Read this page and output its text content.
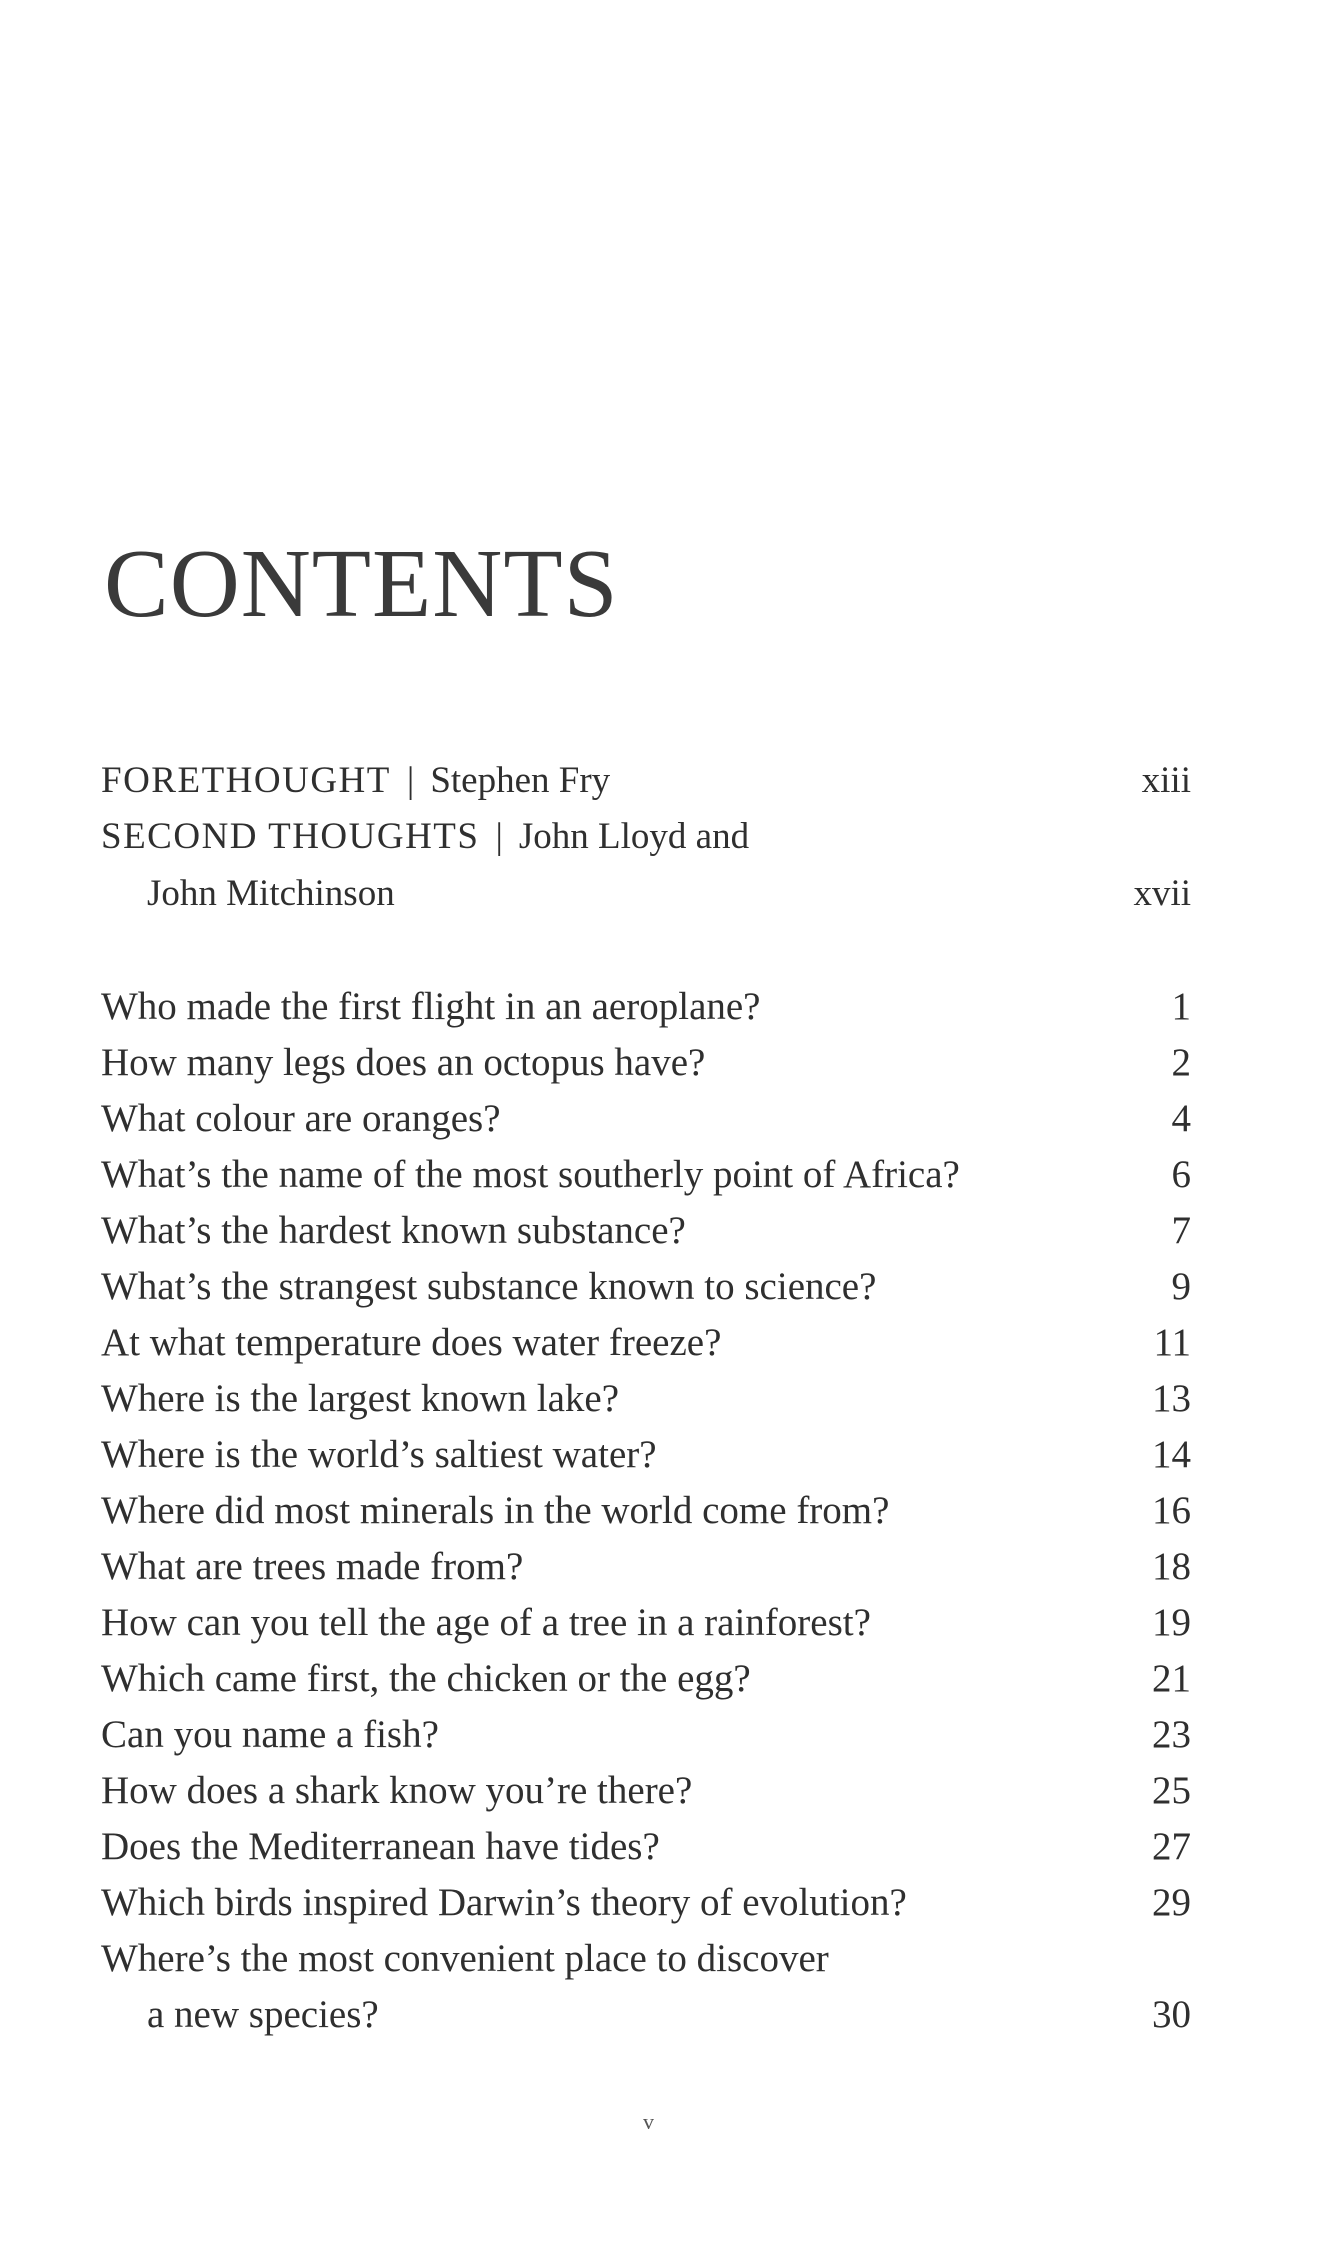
CONTENTS
FORETHOUGHT | Stephen Fry	xiii
SECOND THOUGHTS | John Lloyd and
John Mitchinson	xvii
Who made the first flight in an aeroplane?	1
How many legs does an octopus have?	2
What colour are oranges?	4
What’s the name of the most southerly point of Africa?	6
What’s the hardest known substance?	7
What’s the strangest substance known to science?	9
At what temperature does water freeze?	11
Where is the largest known lake?	13
Where is the world’s saltiest water?	14
Where did most minerals in the world come from?	16
What are trees made from?	18
How can you tell the age of a tree in a rainforest?	19
Which came first, the chicken or the egg?	21
Can you name a fish?	23
How does a shark know you’re there?	25
Does the Mediterranean have tides?	27
Which birds inspired Darwin’s theory of evolution?	29
Where’s the most convenient place to discover
a new species?	30
v
